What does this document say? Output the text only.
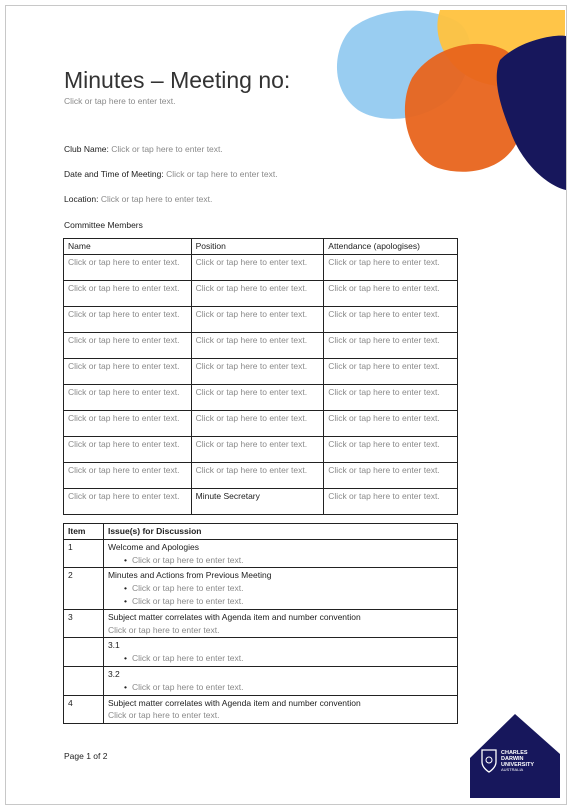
Minutes – Meeting no:
Click or tap here to enter text.
Club Name: Click or tap here to enter text.
Date and Time of Meeting: Click or tap here to enter text.
Location: Click or tap here to enter text.
Committee Members
Name	Position	Attendance (apologises)
Click or tap here to enter text.	Click or tap here to enter text.	Click or tap here to enter text.
Click or tap here to enter text.	Click or tap here to enter text.	Click or tap here to enter text.
Click or tap here to enter text.	Click or tap here to enter text.	Click or tap here to enter text.
Click or tap here to enter text.	Click or tap here to enter text.	Click or tap here to enter text.
Click or tap here to enter text.	Click or tap here to enter text.	Click or tap here to enter text.
Click or tap here to enter text.	Click or tap here to enter text.	Click or tap here to enter text.
Click or tap here to enter text.	Click or tap here to enter text.	Click or tap here to enter text.
Click or tap here to enter text.	Click or tap here to enter text.	Click or tap here to enter text.
Click or tap here to enter text.	Click or tap here to enter text.	Click or tap here to enter text.
Click or tap here to enter text.	Minute Secretary	Click or tap here to enter text.
Item	Issue(s) for Discussion
1	Welcome and Apologies
• Click or tap here to enter text.

2	Minutes and Actions from Previous Meeting
• Click or tap here to enter text.
• Click or tap here to enter text.

3	Subject matter correlates with Agenda item and number convention
Click or tap here to enter text.

	3.1
• Click or tap here to enter text.

	3.2
• Click or tap here to enter text.

4	Subject matter correlates with Agenda item and number convention
Click or tap here to enter text.
Page 1 of 2	CHARLES
DARWIN
UNIVERSITY
AUSTRALIA
